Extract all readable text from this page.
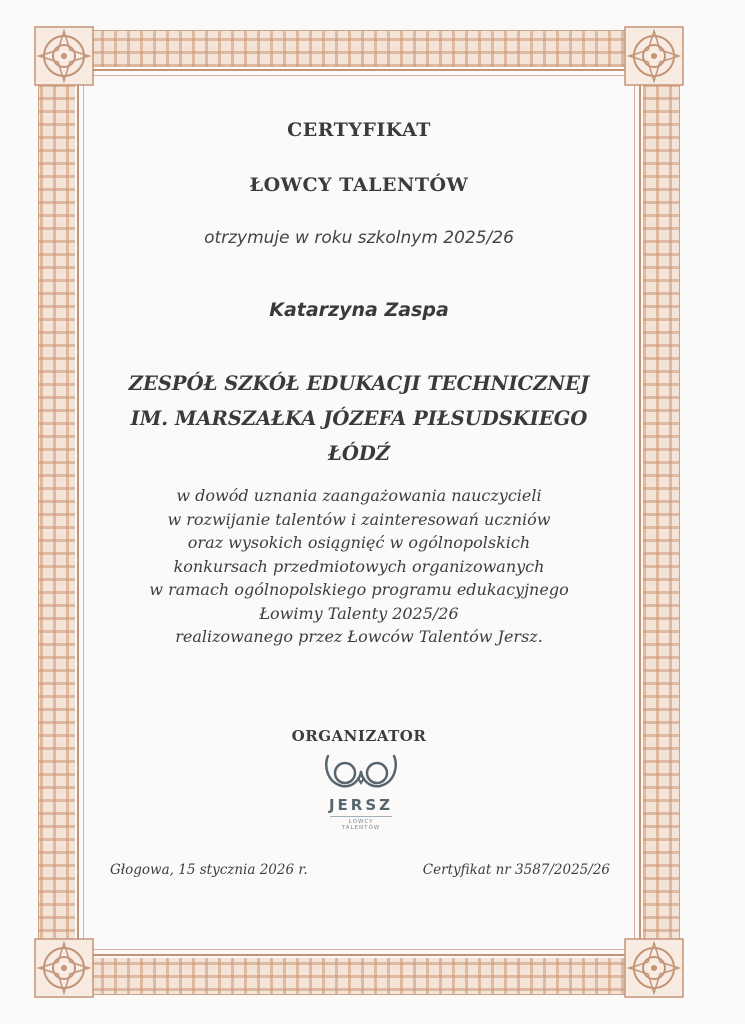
CERTYFIKAT
ŁOWCY TALENTÓW
otrzymuje w roku szkolnym 2025/26
Katarzyna Zaspa
ZESPÓŁ SZKÓŁ EDUKACJI TECHNICZNEJ
IM. MARSZAŁKA JÓZEFA PIŁSUDSKIEGO
ŁÓDŹ
w dowód uznania zaangażowania nauczycieli
w rozwijanie talentów i zainteresowań uczniów
oraz wysokich osiągnięć w ogólnopolskich
konkursach przedmiotowych organizowanych
w ramach ogólnopolskiego programu edukacyjnego
Łowimy Talenty 2025/26
realizowanego przez Łowców Talentów Jersz.
ORGANIZATOR
JERSZ
ŁOWCY TALENTÓW
Głogowa, 15 stycznia 2026 r.	Certyfikat nr 3587/2025/26
